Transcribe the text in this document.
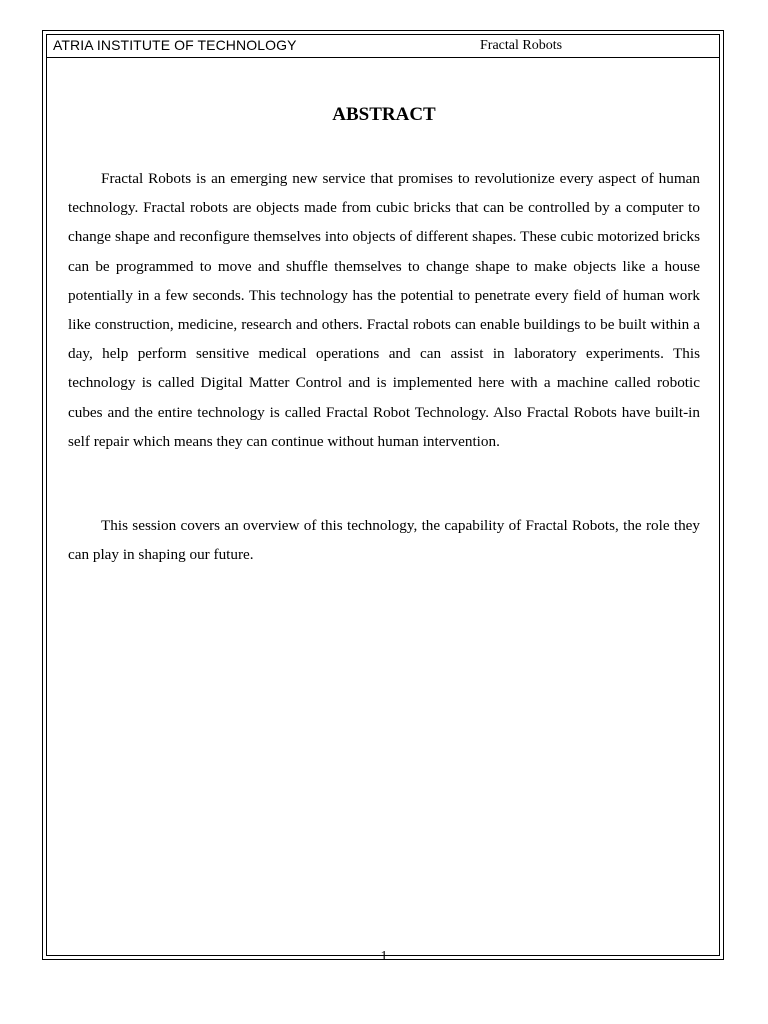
ATRIA INSTITUTE OF TECHNOLOGY	Fractal Robots
ABSTRACT

Fractal Robots is an emerging new service that promises to revolutionize every aspect of human technology. Fractal robots are objects made from cubic bricks that can be controlled by a computer to change shape and reconfigure themselves into objects of different shapes. These cubic motorized bricks can be programmed to move and shuffle themselves to change shape to make objects like a house potentially in a few seconds. This technology has the potential to penetrate every field of human work like construction, medicine, research and others. Fractal robots can enable buildings to be built within a day, help perform sensitive medical operations and can assist in laboratory experiments. This technology is called Digital Matter Control and is implemented here with a machine called robotic cubes and the entire technology is called Fractal Robot Technology. Also Fractal Robots have built-in self repair which means they can continue without human intervention.

This session covers an overview of this technology, the capability of Fractal Robots, the role they can play in shaping our future.

1
